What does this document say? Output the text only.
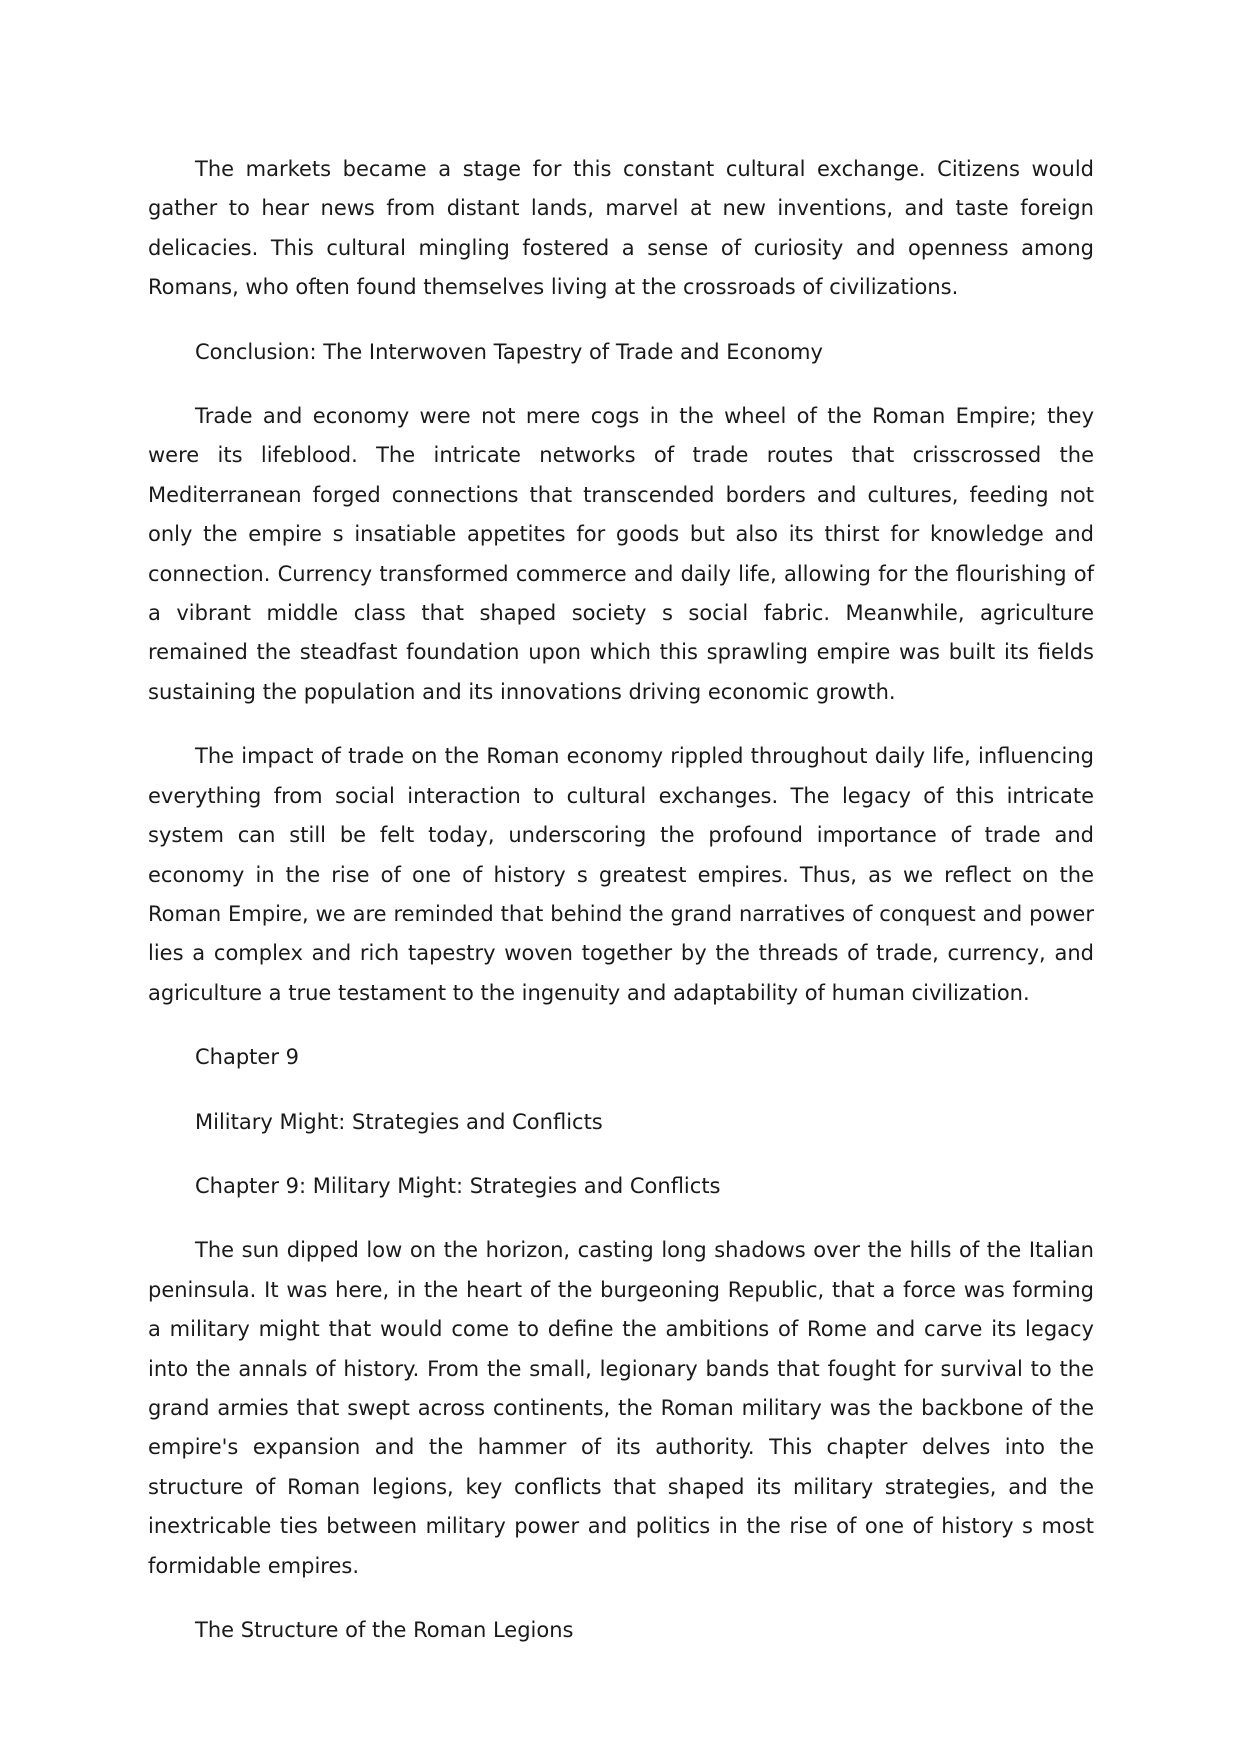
The markets became a stage for this constant cultural exchange. Citizens would gather to hear news from distant lands, marvel at new inventions, and taste foreign delicacies. This cultural mingling fostered a sense of curiosity and openness among Romans, who often found themselves living at the crossroads of civilizations.

Conclusion: The Interwoven Tapestry of Trade and Economy

Trade and economy were not mere cogs in the wheel of the Roman Empire; they were its lifeblood. The intricate networks of trade routes that crisscrossed the Mediterranean forged connections that transcended borders and cultures, feeding not only the empire s insatiable appetites for goods but also its thirst for knowledge and connection. Currency transformed commerce and daily life, allowing for the flourishing of a vibrant middle class that shaped society s social fabric. Meanwhile, agriculture remained the steadfast foundation upon which this sprawling empire was built its fields sustaining the population and its innovations driving economic growth.

The impact of trade on the Roman economy rippled throughout daily life, influencing everything from social interaction to cultural exchanges. The legacy of this intricate system can still be felt today, underscoring the profound importance of trade and economy in the rise of one of history s greatest empires. Thus, as we reflect on the Roman Empire, we are reminded that behind the grand narratives of conquest and power lies a complex and rich tapestry woven together by the threads of trade, currency, and agriculture a true testament to the ingenuity and adaptability of human civilization.

Chapter 9

Military Might: Strategies and Conflicts

Chapter 9: Military Might: Strategies and Conflicts

The sun dipped low on the horizon, casting long shadows over the hills of the Italian peninsula. It was here, in the heart of the burgeoning Republic, that a force was forming a military might that would come to define the ambitions of Rome and carve its legacy into the annals of history. From the small, legionary bands that fought for survival to the grand armies that swept across continents, the Roman military was the backbone of the empire's expansion and the hammer of its authority. This chapter delves into the structure of Roman legions, key conflicts that shaped its military strategies, and the inextricable ties between military power and politics in the rise of one of history s most formidable empires.

The Structure of the Roman Legions
